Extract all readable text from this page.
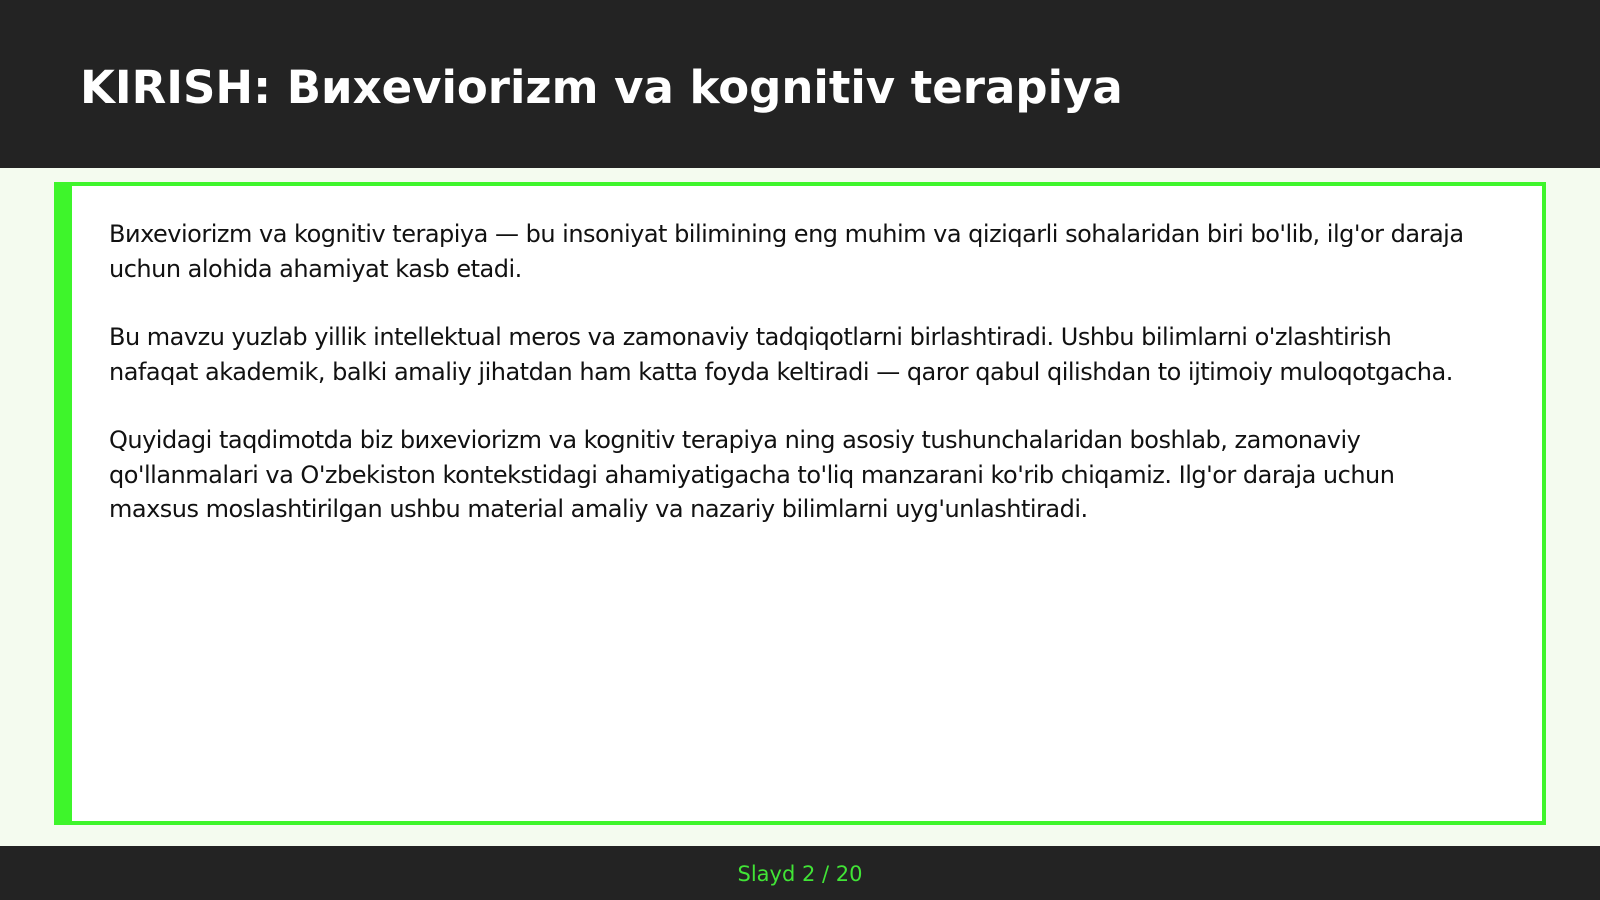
KIRISH: Bиxeviorizm va kognitiv terapiya

Bиxeviorizm va kognitiv terapiya — bu insoniyat bilimining eng muhim va qiziqarli sohalaridan biri bo'lib, ilg'or daraja uchun alohida ahamiyat kasb etadi.

Bu mavzu yuzlab yillik intellektual meros va zamonaviy tadqiqotlarni birlashtiradi. Ushbu bilimlarni o'zlashtirish nafaqat akademik, balki amaliy jihatdan ham katta foyda keltiradi — qaror qabul qilishdan to ijtimoiy muloqotgacha.

Quyidagi taqdimotda biz bиxeviorizm va kognitiv terapiya ning asosiy tushunchalaridan boshlab, zamonaviy qo'llanmalari va O'zbekiston kontekstidagi ahamiyatigacha to'liq manzarani ko'rib chiqamiz. Ilg'or daraja uchun maxsus moslashtirilgan ushbu material amaliy va nazariy bilimlarni uyg'unlashtiradi.

Slayd 2 / 20
